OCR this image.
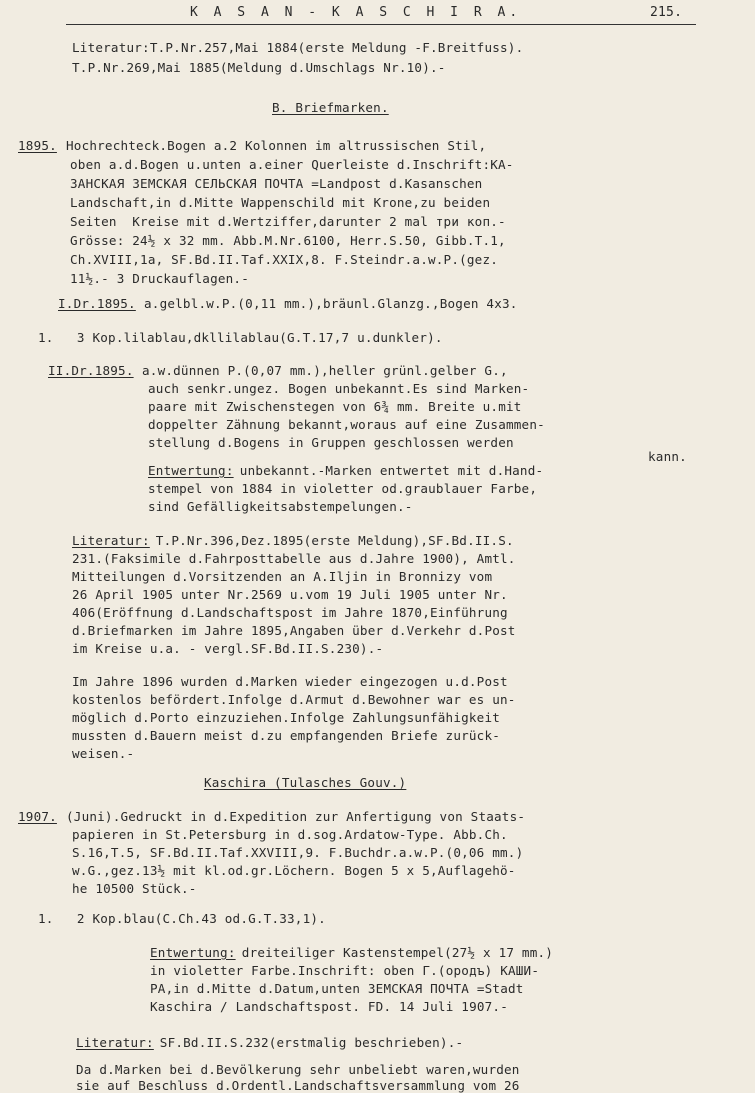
K A S A N - K A S C H I R A.	215.
Literatur:T.P.Nr.257,Mai 1884(erste Meldung -F.Breitfuss).
T.P.Nr.269,Mai 1885(Meldung d.Umschlags Nr.10).-
B. Briefmarken.
1895. Hochrechteck.Bogen a.2 Kolonnen im altrussischen Stil,
oben a.d.Bogen u.unten a.einer Querleiste d.Inschrift:KA-
ЗАНСКАЯ ЗЕМСКАЯ СЕЛЬСКАЯ ПОЧТА =Landpost d.Kasanschen
Landschaft,in d.Mitte Wappenschild mit Krone,zu beiden
Seiten  Kreise mit d.Wertziffer,darunter 2 mal три коп.-
Grösse: 24½ x 32 mm. Abb.M.Nr.6100, Herr.S.50, Gibb.T.1,
Ch.XVIII,1a, SF.Bd.II.Taf.XXIX,8. F.Steindr.a.w.P.(gez.
11½.- 3 Druckauflagen.-
I.Dr.1895. a.gelbl.w.P.(0,11 mm.),bräunl.Glanzg.,Bogen 4x3.
1.   3 Kop.lilablau,dkllilablau(G.T.17,7 u.dunkler).
II.Dr.1895. a.w.dünnen P.(0,07 mm.),heller grünl.gelber G.,
auch senkr.ungez. Bogen unbekannt.Es sind Marken-
paare mit Zwischenstegen von 6¾ mm. Breite u.mit
doppelter Zähnung bekannt,woraus auf eine Zusammen-
stellung d.Bogens in Gruppen geschlossen werden
kann.
Entwertung:
unbekannt.-Marken entwertet mit d.Hand-
stempel von 1884 in violetter od.graublauer Farbe,
sind Gefälligkeitsabstempelungen.-
Literatur:
T.P.Nr.396,Dez.1895(erste Meldung),SF.Bd.II.S.
231.(Faksimile d.Fahrposttabelle aus d.Jahre 1900), Amtl.
Mitteilungen d.Vorsitzenden an A.Iljin in Bronnizy vom
26 April 1905 unter Nr.2569 u.vom 19 Juli 1905 unter Nr.
406(Eröffnung d.Landschaftspost im Jahre 1870,Einführung
d.Briefmarken im Jahre 1895,Angaben über d.Verkehr d.Post
im Kreise u.a. - vergl.SF.Bd.II.S.230).-
Im Jahre 1896 wurden d.Marken wieder eingezogen u.d.Post
kostenlos befördert.Infolge d.Armut d.Bewohner war es un-
möglich d.Porto einzuziehen.Infolge Zahlungsunfähigkeit
mussten d.Bauern meist d.zu empfangenden Briefe zurück-
weisen.-
Kaschira (Tulasches Gouv.)
1907. (Juni).Gedruckt in d.Expedition zur Anfertigung von Staats-
papieren in St.Petersburg in d.sog.Ardatow-Type. Abb.Ch.
S.16,T.5, SF.Bd.II.Taf.XXVIII,9. F.Buchdr.a.w.P.(0,06 mm.)
w.G.,gez.13½ mit kl.od.gr.Löchern. Bogen 5 x 5,Auflagehö-
he 10500 Stück.-
1.   2 Kop.blau(C.Ch.43 od.G.T.33,1).
Entwertung:
dreiteiliger Kastenstempel(27½ x 17 mm.)
in violetter Farbe.Inschrift: oben Г.(ородъ) КАШИ-
РА,in d.Mitte d.Datum,unten ЗЕМСКАЯ ПОЧТА =Stadt
Kaschira / Landschaftspost. FD. 14 Juli 1907.-
Literatur:
SF.Bd.II.S.232(erstmalig beschrieben).-
Da d.Marken bei d.Bevölkerung sehr unbeliebt waren,wurden
sie auf Beschluss d.Ordentl.Landschaftsversammlung vom 26
